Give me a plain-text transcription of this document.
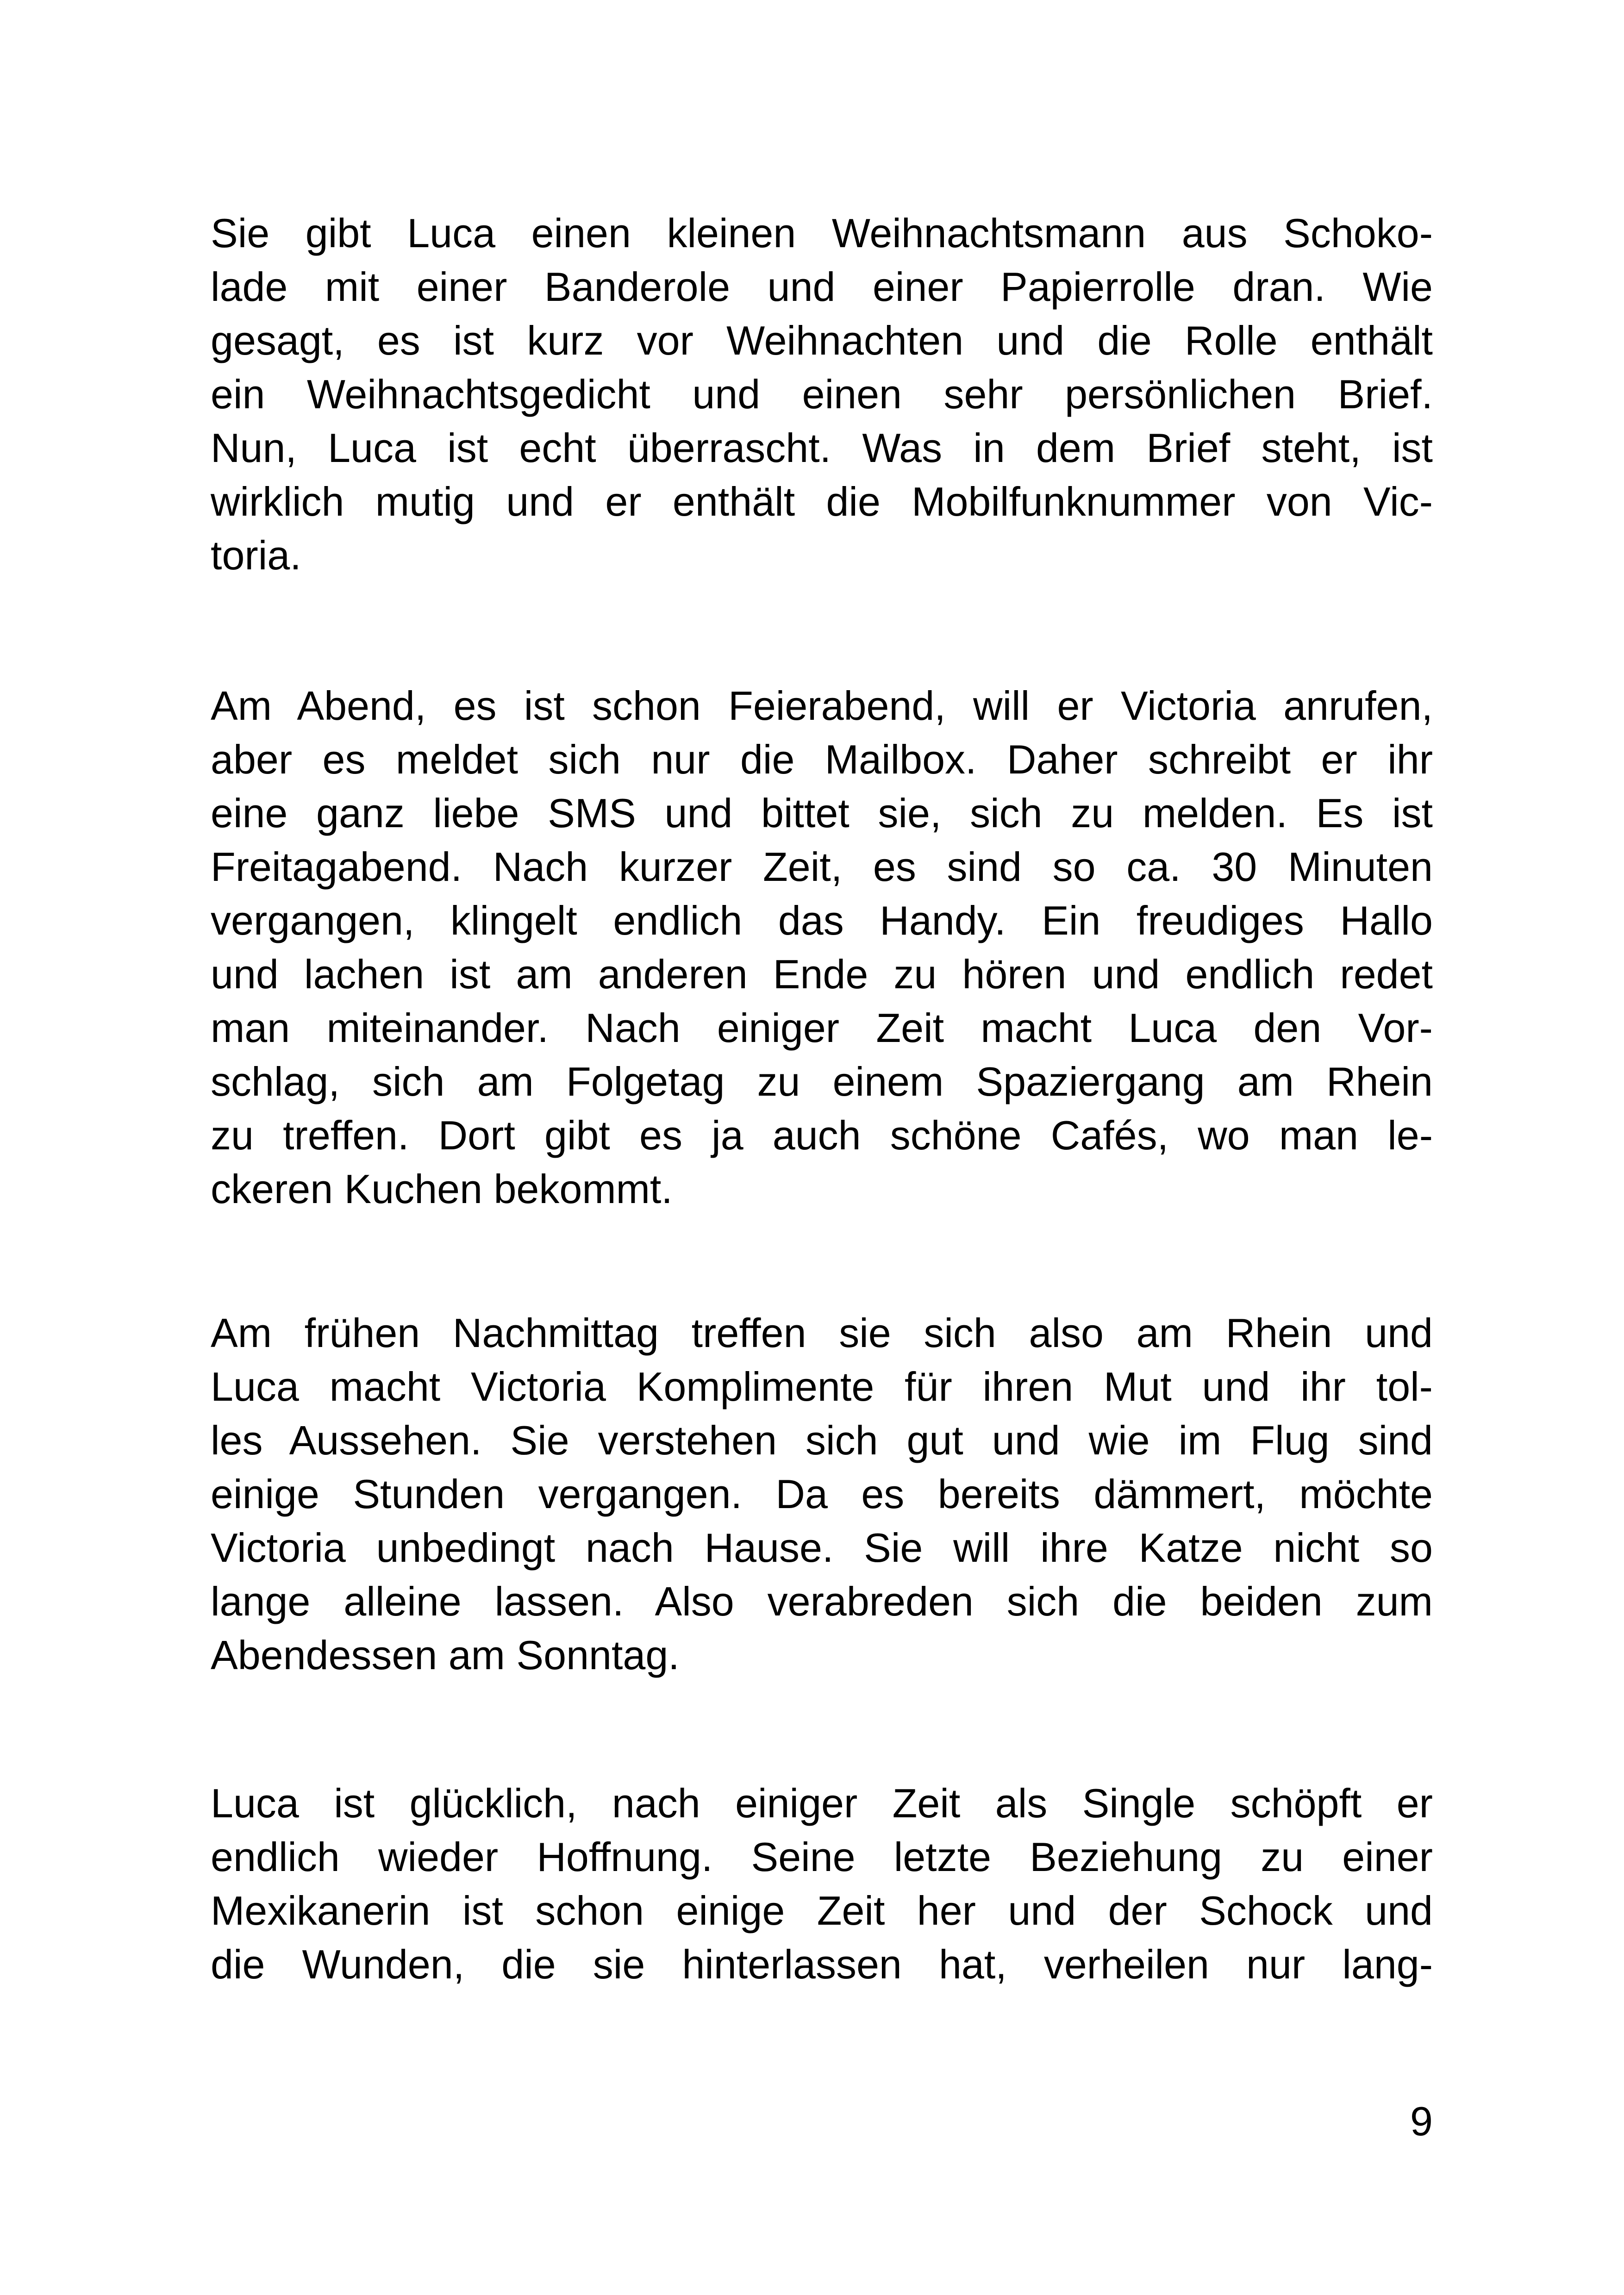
Sie gibt Luca einen kleinen Weihnachtsmann aus Schoko-
lade mit einer Banderole und einer Papierrolle dran. Wie
gesagt, es ist kurz vor Weihnachten und die Rolle enthält
ein Weihnachtsgedicht und einen sehr persönlichen Brief.
Nun, Luca ist echt überrascht. Was in dem Brief steht, ist
wirklich mutig und er enthält die Mobilfunknummer von Vic-
toria.
Am Abend, es ist schon Feierabend, will er Victoria anrufen,
aber es meldet sich nur die Mailbox. Daher schreibt er ihr
eine ganz liebe SMS und bittet sie, sich zu melden. Es ist
Freitagabend. Nach kurzer Zeit, es sind so ca. 30 Minuten
vergangen, klingelt endlich das Handy. Ein freudiges Hallo
und lachen ist am anderen Ende zu hören und endlich redet
man miteinander. Nach einiger Zeit macht Luca den Vor-
schlag, sich am Folgetag zu einem Spaziergang am Rhein
zu treffen. Dort gibt es ja auch schöne Cafés, wo man le-
ckeren Kuchen bekommt.
Am frühen Nachmittag treffen sie sich also am Rhein und
Luca macht Victoria Komplimente für ihren Mut und ihr tol-
les Aussehen. Sie verstehen sich gut und wie im Flug sind
einige Stunden vergangen. Da es bereits dämmert, möchte
Victoria unbedingt nach Hause. Sie will ihre Katze nicht so
lange alleine lassen. Also verabreden sich die beiden zum
Abendessen am Sonntag.
Luca ist glücklich, nach einiger Zeit als Single schöpft er
endlich wieder Hoffnung. Seine letzte Beziehung zu einer
Mexikanerin ist schon einige Zeit her und der Schock und
die Wunden, die sie hinterlassen hat, verheilen nur lang-

9
